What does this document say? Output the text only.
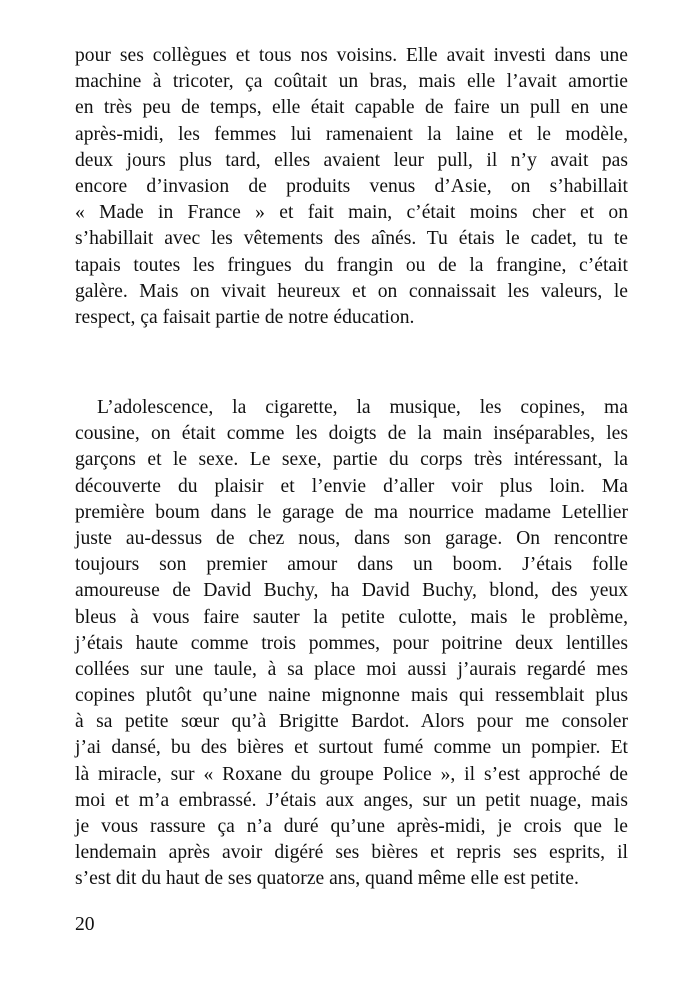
pour ses collègues et tous nos voisins. Elle avait investi dans une
machine à tricoter, ça coûtait un bras, mais elle l’avait amortie
en très peu de temps, elle était capable de faire un pull en une
après-midi, les femmes lui ramenaient la laine et le modèle,
deux jours plus tard, elles avaient leur pull, il n’y avait pas
encore d’invasion de produits venus d’Asie, on s’habillait
« Made in France » et fait main, c’était moins cher et on
s’habillait avec les vêtements des aînés. Tu étais le cadet, tu te
tapais toutes les fringues du frangin ou de la frangine, c’était
galère. Mais on vivait heureux et on connaissait les valeurs, le
respect, ça faisait partie de notre éducation.
L’adolescence, la cigarette, la musique, les copines, ma
cousine, on était comme les doigts de la main inséparables, les
garçons et le sexe. Le sexe, partie du corps très intéressant, la
découverte du plaisir et l’envie d’aller voir plus loin. Ma
première boum dans le garage de ma nourrice madame Letellier
juste au-dessus de chez nous, dans son garage. On rencontre
toujours son premier amour dans un boom. J’étais folle
amoureuse de David Buchy, ha David Buchy, blond, des yeux
bleus à vous faire sauter la petite culotte, mais le problème,
j’étais haute comme trois pommes, pour poitrine deux lentilles
collées sur une taule, à sa place moi aussi j’aurais regardé mes
copines plutôt qu’une naine mignonne mais qui ressemblait plus
à sa petite sœur qu’à Brigitte Bardot. Alors pour me consoler
j’ai dansé, bu des bières et surtout fumé comme un pompier. Et
là miracle, sur « Roxane du groupe Police », il s’est approché de
moi et m’a embrassé. J’étais aux anges, sur un petit nuage, mais
je vous rassure ça n’a duré qu’une après-midi, je crois que le
lendemain après avoir digéré ses bières et repris ses esprits, il
s’est dit du haut de ses quatorze ans, quand même elle est petite.
20
